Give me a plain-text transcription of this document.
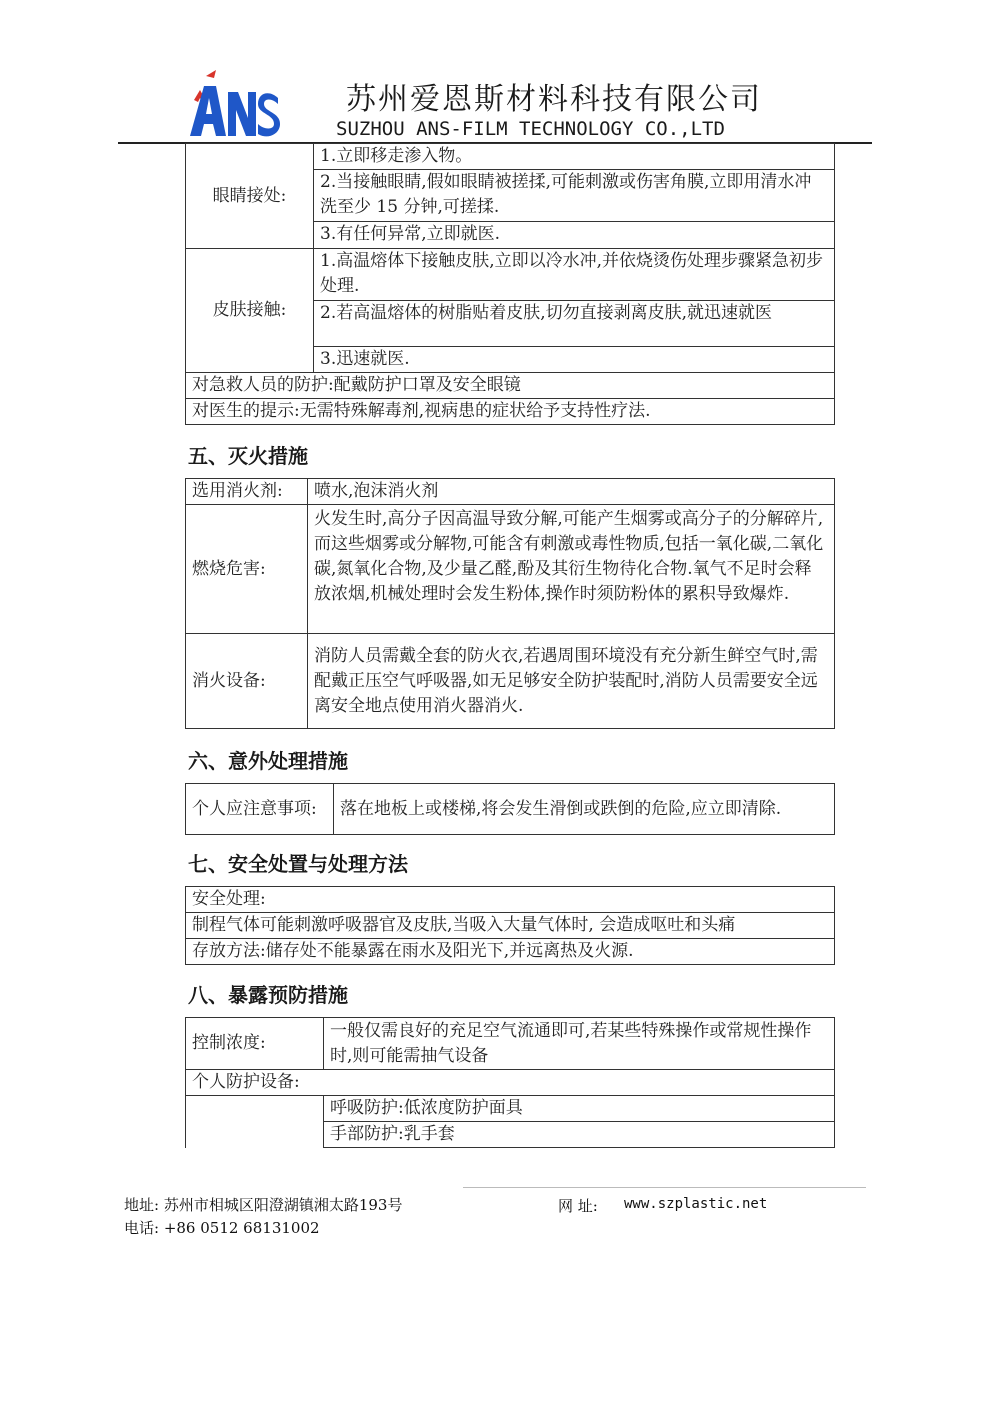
苏州爱恩斯材料科技有限公司
SUZHOU ANS-FILM TECHNOLOGY CO.,LTD
眼睛接处:	1.立即移走渗入物。
	2.当接触眼睛,假如眼睛被搓揉,可能刺激或伤害角膜,立即用清水冲洗至少 15 分钟,可搓揉.
	3.有任何异常,立即就医.
皮肤接触:	1.高温熔体下接触皮肤,立即以冷水冲,并依烧烫伤处理步骤紧急初步处理.
	2.若高温熔体的树脂贴着皮肤,切勿直接剥离皮肤,就迅速就医
	3.迅速就医.
对急救人员的防护:配戴防护口罩及安全眼镜	
对医生的提示:无需特殊解毒剂,视病患的症状给予支持性疗法.	
五、灭火措施
选用消火剂:	喷水,泡沫消火剂
燃烧危害:	火发生时,高分子因高温导致分解,可能产生烟雾或高分子的分解碎片,而这些烟雾或分解物,可能含有刺激或毒性物质,包括一氧化碳,二氧化碳,氮氧化合物,及少量乙醛,酚及其衍生物待化合物.氧气不足时会释放浓烟,机械处理时会发生粉体,操作时须防粉体的累积导致爆炸.
消火设备:	消防人员需戴全套的防火衣,若遇周围环境没有充分新生鲜空气时,需配戴正压空气呼吸器,如无足够安全防护装配时,消防人员需要安全远离安全地点使用消火器消火.
六、意外处理措施
个人应注意事项:	落在地板上或楼梯,将会发生滑倒或跌倒的危险,应立即清除.
七、安全处置与处理方法
安全处理:
制程气体可能刺激呼吸器官及皮肤,当吸入大量气体时, 会造成呕吐和头痛
存放方法:储存处不能暴露在雨水及阳光下,并远离热及火源.
八、暴露预防措施
控制浓度:	一般仅需良好的充足空气流通即可,若某些特殊操作或常规性操作时,则可能需抽气设备
个人防护设备:	
	呼吸防护:低浓度防护面具
	手部防护:乳手套
地址: 苏州市相城区阳澄湖镇湘太路193号
电话: +86 0512 68131002
网 址: www.szplastic.net
